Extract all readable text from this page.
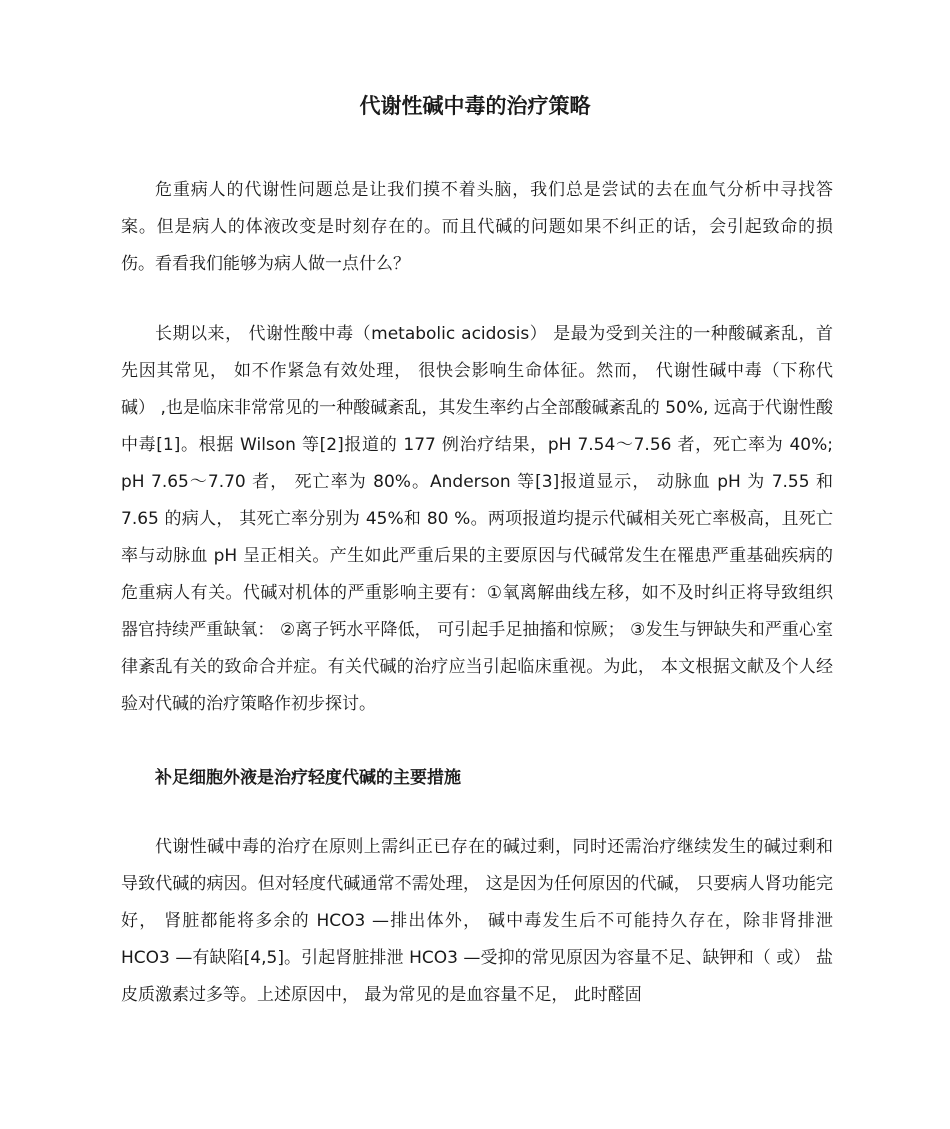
代谢性碱中毒的治疗策略

危重病人的代谢性问题总是让我们摸不着头脑，我们总是尝试的去在血气分析中寻找答案。但是病人的体液改变是时刻存在的。而且代碱的问题如果不纠正的话，会引起致命的损伤。看看我们能够为病人做一点什么？

长期以来， 代谢性酸中毒（metabolic acidosis） 是最为受到关注的一种酸碱紊乱，首先因其常见， 如不作紧急有效处理， 很快会影响生命体征。然而， 代谢性碱中毒（下称代碱） ,也是临床非常常见的一种酸碱紊乱，其发生率约占全部酸碱紊乱的 50%, 远高于代谢性酸中毒[1]。根据 Wilson 等[2]报道的 177 例治疗结果，pH 7.54～7.56 者，死亡率为 40%; pH 7.65～7.70 者， 死亡率为 80%。Anderson 等[3]报道显示， 动脉血 pH 为 7.55 和 7.65 的病人， 其死亡率分别为 45%和 80 %。两项报道均提示代碱相关死亡率极高，且死亡率与动脉血 pH 呈正相关。产生如此严重后果的主要原因与代碱常发生在罹患严重基础疾病的危重病人有关。代碱对机体的严重影响主要有：①氧离解曲线左移，如不及时纠正将导致组织器官持续严重缺氧： ②离子钙水平降低， 可引起手足抽搐和惊厥； ③发生与钾缺失和严重心室律紊乱有关的致命合并症。有关代碱的治疗应当引起临床重视。为此， 本文根据文献及个人经验对代碱的治疗策略作初步探讨。

补足细胞外液是治疗轻度代碱的主要措施

代谢性碱中毒的治疗在原则上需纠正已存在的碱过剩，同时还需治疗继续发生的碱过剩和导致代碱的病因。但对轻度代碱通常不需处理， 这是因为任何原因的代碱， 只要病人肾功能完好， 肾脏都能将多余的 HCO3 —排出体外， 碱中毒发生后不可能持久存在，除非肾排泄 HCO3 —有缺陷[4,5]。引起肾脏排泄 HCO3 —受抑的常见原因为容量不足、缺钾和（ 或） 盐皮质激素过多等。上述原因中， 最为常见的是血容量不足， 此时醛固
